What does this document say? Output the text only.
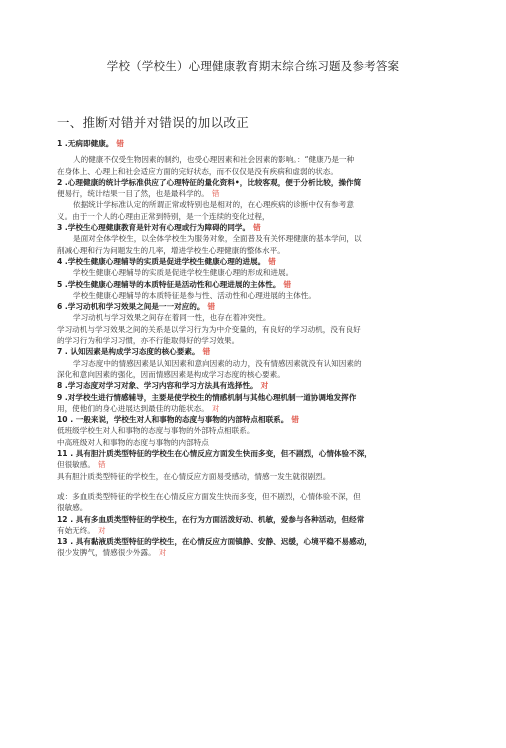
学校（学校生）心理健康教育期末综合练习题及参考答案
一、推断对错并对错误的加以改正

1 .无病即健康。 错

人的健康不仅受生物因素的制约，也受心理因素和社会因素的影响。：“健康乃是一种

在身体上、心理上和社会适应方面的完好状态，而不仅仅是没有疾病和虚弱的状态。

2 .心理健康的统计学标准供应了心理特征的量化资料•，比较客观，便于分析比较，操作简

便易行，统计结果一目了然，也是最科学的。 错

依据统计学标准认定的所谓正常或特别也是相对的，在心理疾病的诊断中仅有参考意

义。由于一个人的心理由正常到特别，是一个连续的变化过程，

3 .学校生心理健康教育是针对有心理或行为障碍的同学。 错

是面对全体学校生，以全体学校生为服务对象，全面普及有关怀理健康的基本学问，以

削减心理和行为问题发生的几率，增进学校生心理健康的整体水平。

4 .学校生健康心理辅导的实质是促进学校生健康心理的进展。 错

学校生健康心理辅导的实质是促进学校生健康心理的形成和进展。

5 .学校生健康心理辅导的本质特征是活动性和心理进展的主体性。 错

学校生健康心理辅导的本质特征是参与性、活动性和心理进展的主体性。

6 .学习动机和学习效果之间是一一对应的。 错

学习动机与学习效果之间存在着同一性，也存在着冲突性。

学习动机与学习效果之间的关系是以学习行为为中介变量的，有良好的学习动机，没有良好

的学习行为和学习习惯，亦不行能取得好的学习效果。

7 . 认知因素是构成学习态度的核心要素。 错

学习态度中的情感因素是认知因素和意向因素的动力，没有情感因素就没有认知因素的

深化和意向因素的强化，因而情感因素是构成学习态度的核心要素。

8 .学习态度对学习对象、学习内容和学习方法具有选择性。 对

9 .对学校生进行情感辅导，主要是使学校生的情感机制与其他心理机制一道协调地发挥作

用，使他们的身心进展达到最佳的功能状态。 对

10 . 一般来说，学校生对人和事物的态度与事物的内部特点相联系。 错

低班级学校生对人和事物的态度与事物的外部特点相联系。

中高班级对人和事物的态度与事物的内部特点

11 . 具有胆汁质类型特征的学校生在心情反应方面发生快而多变，但不剧烈，心情体验不深，

但很敏感。 错

具有胆汁质类型特征的学校生，在心情反应方面易受感动，情感一发生就很剧烈。

或：多血质类型特征的学校生在心情反应方面发生快而多变，但不剧烈，心情体验不深，但

很敏感。

12 . 具有多血质类型特征的学校生，在行为方面活泼好动、机敏，爱参与各种活动，但经常

有始无终。 对

13 . 具有黏液质类型特征的学校生，在心情反应方面镇静、安静、迟缓，心境平稳不易感动，

很少发脾气，情感很少外露。 对
